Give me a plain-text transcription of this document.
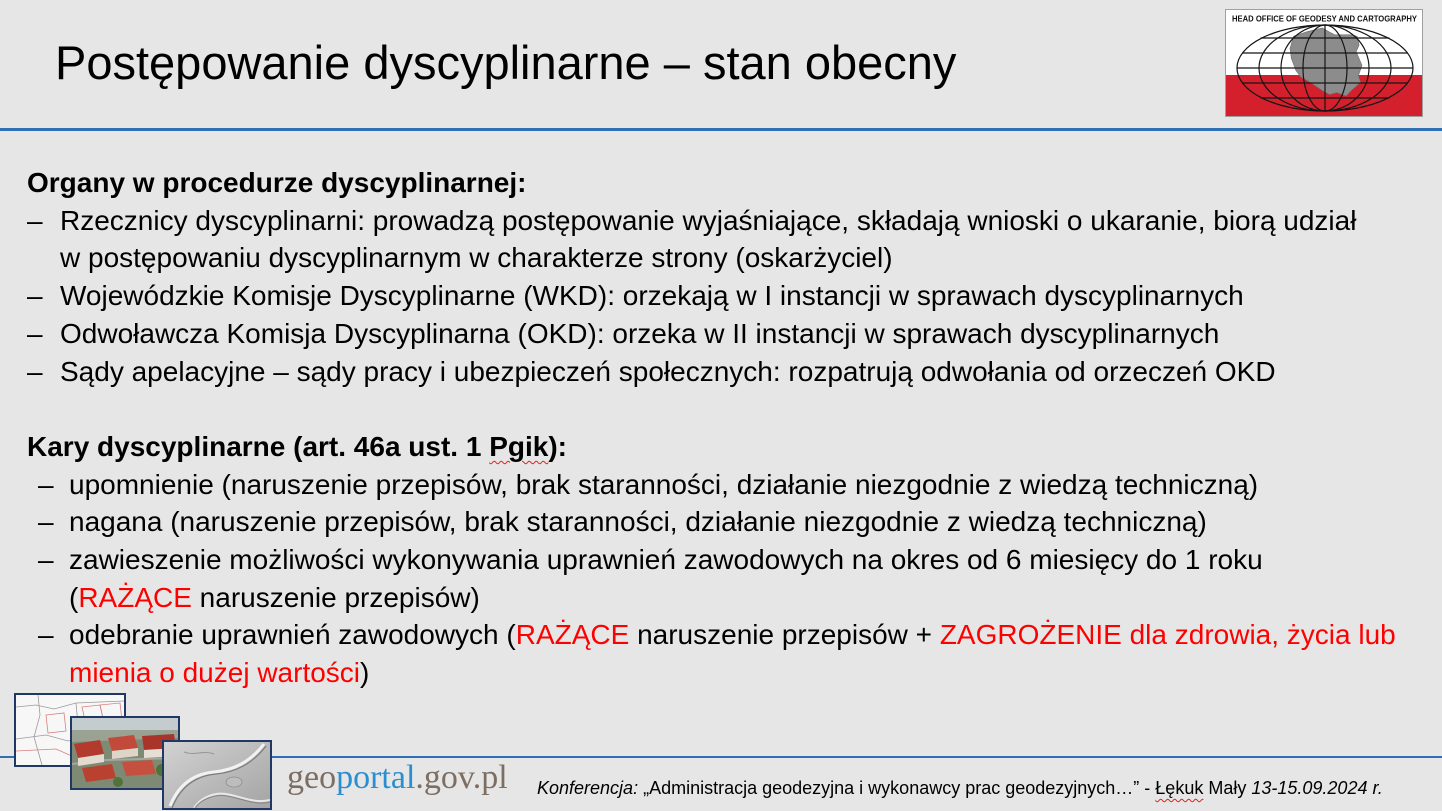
Postępowanie dyscyplinarne – stan obecny
HEAD OFFICE OF GEODESY AND CARTOGRAPHY
Organy w procedurze dyscyplinarnej:
– Rzecznicy dyscyplinarni: prowadzą postępowanie wyjaśniające, składają wnioski o ukaranie, biorą udział
w postępowaniu dyscyplinarnym w charakterze strony (oskarżyciel)
– Wojewódzkie Komisje Dyscyplinarne (WKD): orzekają w I instancji w sprawach dyscyplinarnych
– Odwoławcza Komisja Dyscyplinarna (OKD): orzeka w II instancji w sprawach dyscyplinarnych
– Sądy apelacyjne – sądy pracy i ubezpieczeń społecznych: rozpatrują odwołania od orzeczeń OKD
Kary dyscyplinarne (art. 46a ust. 1 Pgik):
– upomnienie (naruszenie przepisów, brak staranności, działanie niezgodnie z wiedzą techniczną)
– nagana (naruszenie przepisów, brak staranności, działanie niezgodnie z wiedzą techniczną)
– zawieszenie możliwości wykonywania uprawnień zawodowych na okres od 6 miesięcy do 1 roku
(RAŻĄCE naruszenie przepisów)
– odebranie uprawnień zawodowych (RAŻĄCE naruszenie przepisów + ZAGROŻENIE dla zdrowia, życia lub
mienia o dużej wartości)
geoportal.gov.pl Konferencja: „Administracja geodezyjna i wykonawcy prac geodezyjnych…” - Łękuk Mały 13-15.09.2024 r.
